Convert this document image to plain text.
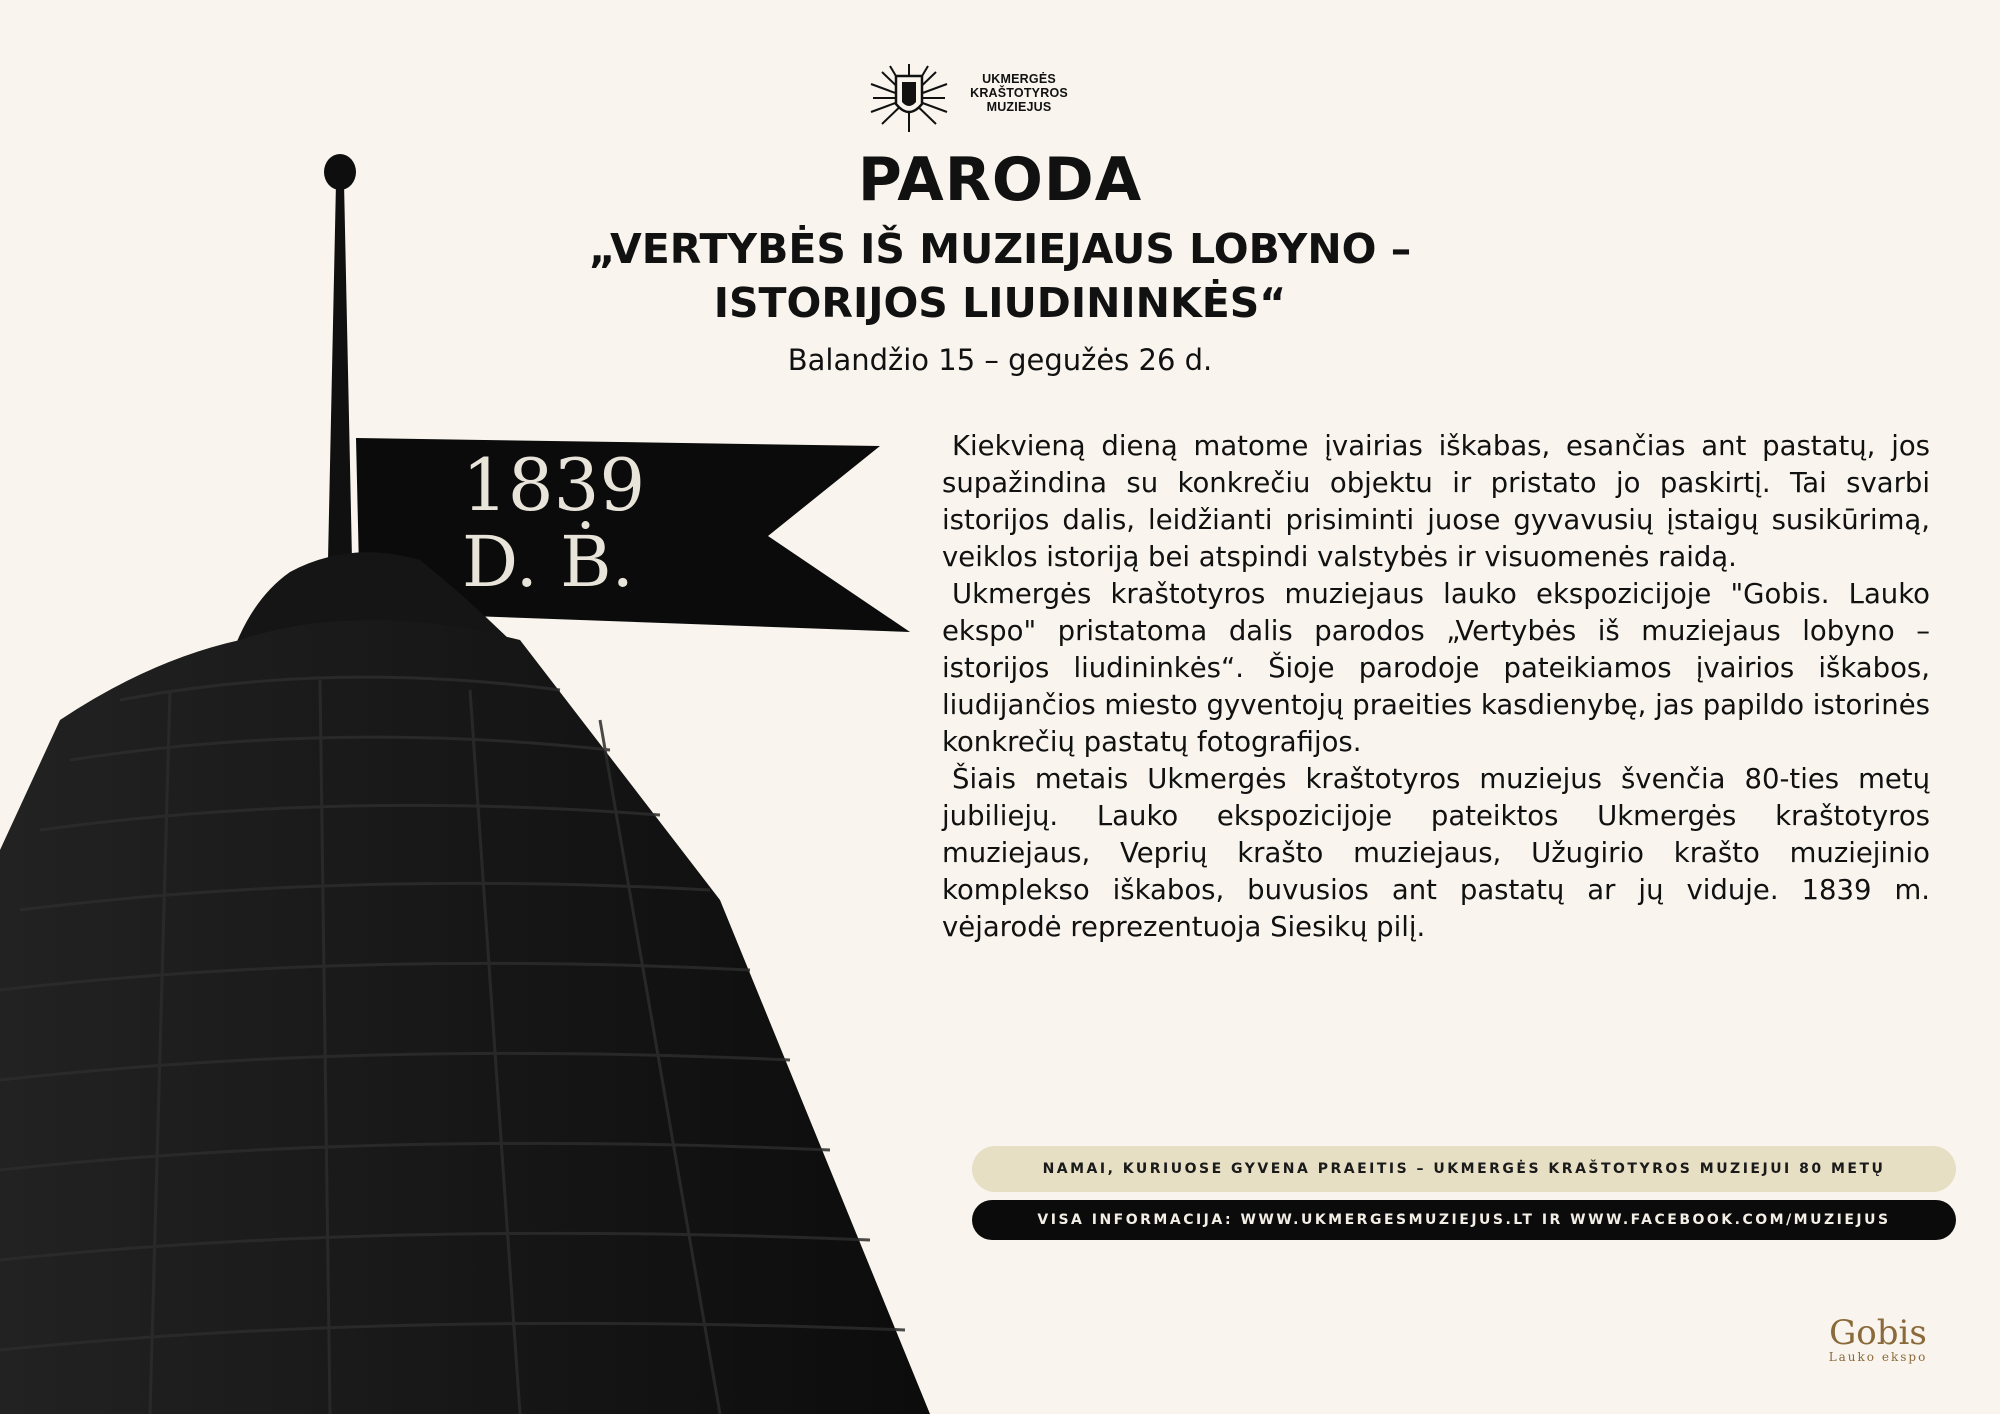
1839
D. Ḃ.
UKMERGĖS
KRAŠTOTYROS
MUZIEJUS
PARODA
„VERTYBĖS IŠ MUZIEJAUS LOBYNO –
ISTORIJOS LIUDININKĖS“
Balandžio 15 – gegužės 26 d.

Kiekvieną dieną matome įvairias iškabas, esančias ant pastatų, jos supažindina su konkrečiu objektu ir pristato jo paskirtį. Tai svarbi istorijos dalis, leidžianti prisiminti juose gyvavusių įstaigų susikūrimą, veiklos istoriją bei atspindi valstybės ir visuomenės raidą.

Ukmergės kraštotyros muziejaus lauko ekspozicijoje "Gobis. Lauko ekspo" pristatoma dalis parodos „Vertybės iš muziejaus lobyno – istorijos liudininkės“. Šioje parodoje pateikiamos įvairios iškabos, liudijančios miesto gyventojų praeities kasdienybę, jas papildo istorinės konkrečių pastatų fotografijos.

Šiais metais Ukmergės kraštotyros muziejus švenčia 80-ties metų jubiliejų. Lauko ekspozicijoje pateiktos Ukmergės kraštotyros muziejaus, Veprių krašto muziejaus, Užugirio krašto muziejinio komplekso iškabos, buvusios ant pastatų ar jų viduje. 1839 m. vėjarodė reprezentuoja Siesikų pilį.

NAMAI, KURIUOSE GYVENA PRAEITIS – UKMERGĖS KRAŠTOTYROS MUZIEJUI 80 METŲ
VISA INFORMACIJA: WWW.UKMERGESMUZIEJUS.LT IR WWW.FACEBOOK.COM/MUZIEJUS
Gobis
Lauko ekspo
